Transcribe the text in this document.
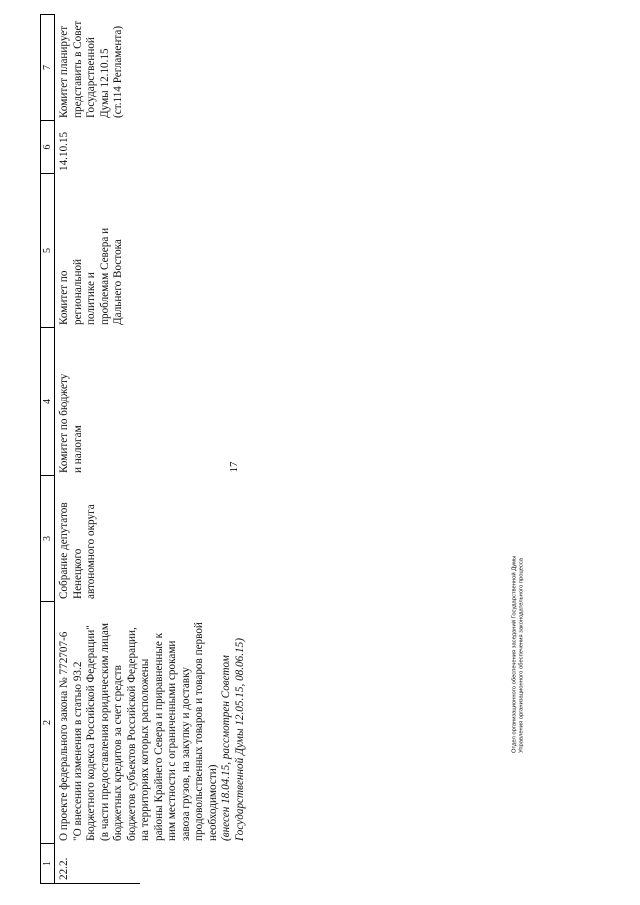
17
1
2
3
4
5
6
7
22.2.
О проекте федерального закона № 772707-6 "О внесении изменения в статью 93.2 Бюджетного кодекса Российской Федерации" (в части предоставления юридическим лицам бюджетных кредитов за счет средств бюджетов субъектов Российской Федерации, на территориях которых расположены районы Крайнего Севера и приравненные к ним местности с ограниченными сроками завоза грузов, на закупку и доставку продовольственных товаров и товаров первой необходимости) (внесен 18.04.15, рассмотрен Советом Государственной Думы 12.05.15, 08.06.15)
Собрание депутатов Ненецкого автономного округа
Комитет по бюджету и налогам
Комитет по региональной политике и проблемам Севера и Дальнего Востока
14.10.15
Комитет планирует представить в Совет Государственной Думы 12.10.15 (ст.114 Регламента)
Отдел организационного обеспечения заседаний Государственной Думы Управления организационного обеспечения законодательного процесса
